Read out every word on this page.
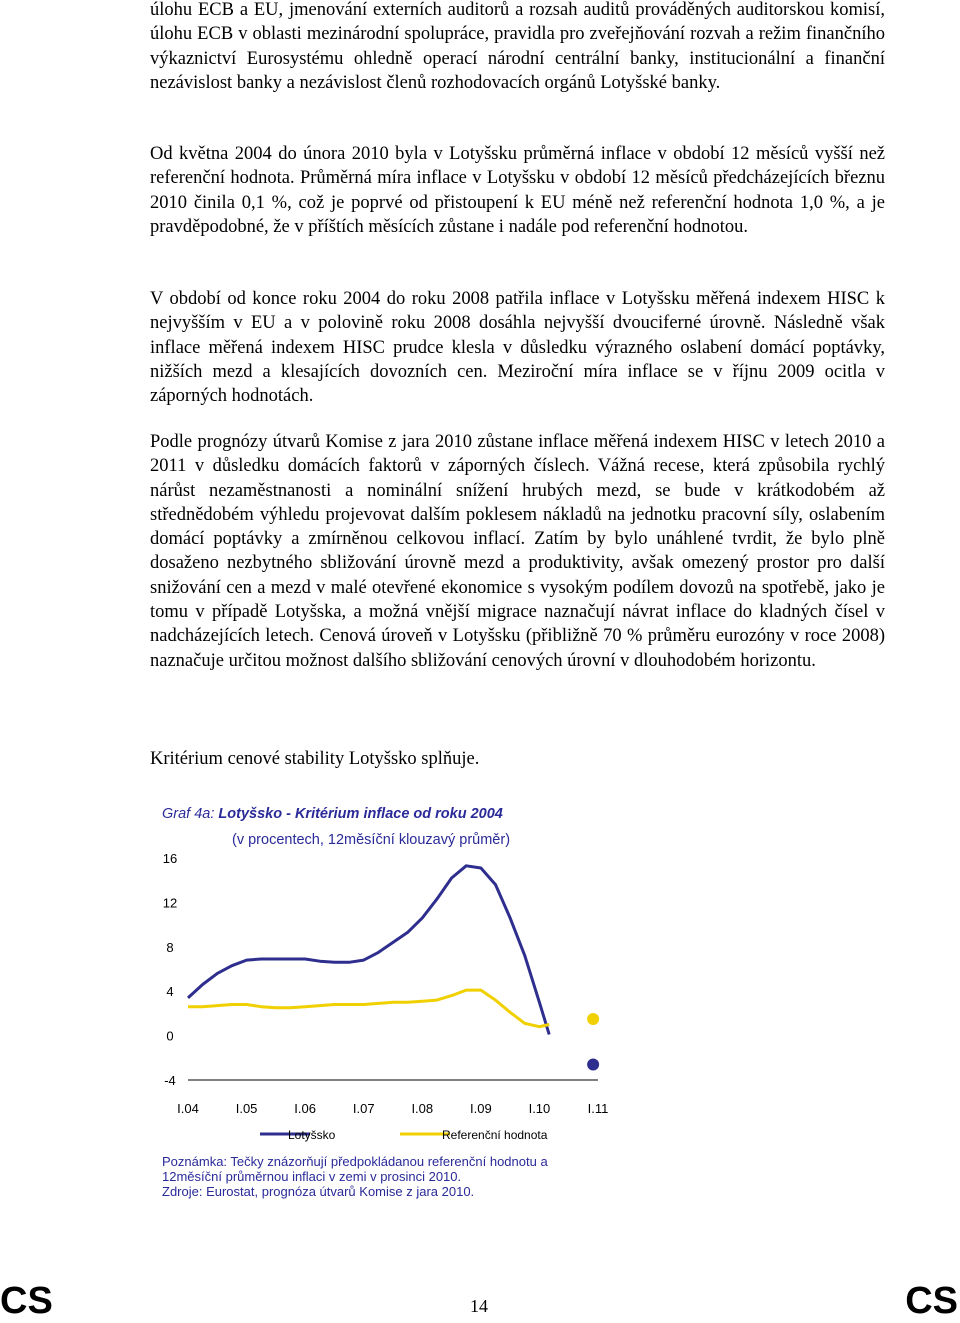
úlohu ECB a EU, jmenování externích auditorů a rozsah auditů prováděných auditorskou komisí, úlohu ECB v oblasti mezinárodní spolupráce, pravidla pro zveřejňování rozvah a režim finančního výkaznictví Eurosystému ohledně operací národní centrální banky, institucionální a finanční nezávislost banky a nezávislost členů rozhodovacích orgánů Lotyšské banky.

Od května 2004 do února 2010 byla v Lotyšsku průměrná inflace v období 12 měsíců vyšší než referenční hodnota. Průměrná míra inflace v Lotyšsku v období 12 měsíců předcházejících březnu 2010 činila 0,1 %, což je poprvé od přistoupení k EU méně než referenční hodnota 1,0 %, a je pravděpodobné, že v příštích měsících zůstane i nadále pod referenční hodnotou.

V období od konce roku 2004 do roku 2008 patřila inflace v Lotyšsku měřená indexem HISC k nejvyšším v EU a v polovině roku 2008 dosáhla nejvyšší dvouciferné úrovně. Následně však inflace měřená indexem HISC prudce klesla v důsledku výrazného oslabení domácí poptávky, nižších mezd a klesajících dovozních cen. Meziroční míra inflace se v říjnu 2009 ocitla v záporných hodnotách.

Podle prognózy útvarů Komise z jara 2010 zůstane inflace měřená indexem HISC v letech 2010 a 2011 v důsledku domácích faktorů v záporných číslech. Vážná recese, která způsobila rychlý nárůst nezaměstnanosti a nominální snížení hrubých mezd, se bude v krátkodobém až střednědobém výhledu projevovat dalším poklesem nákladů na jednotku pracovní síly, oslabením domácí poptávky a zmírněnou celkovou inflací. Zatím by bylo unáhlené tvrdit, že bylo plně dosaženo nezbytného sbližování úrovně mezd a produktivity, avšak omezený prostor pro další snižování cen a mezd v malé otevřené ekonomice s vysokým podílem dovozů na spotřebě, jako je tomu v případě Lotyšska, a možná vnější migrace naznačují návrat inflace do kladných čísel v nadcházejících letech. Cenová úroveň v Lotyšsku (přibližně 70 % průměru eurozóny v roce 2008) naznačuje určitou možnost dalšího sbližování cenových úrovní v dlouhodobém horizontu.

Kritérium cenové stability Lotyšsko splňuje.

Graf 4a: Lotyšsko - Kritérium inflace od roku 2004
(v procentech, 12měsíční klouzavý průměr)
16
12
8
4
0
-4
I.04	I.05	I.06	I.07	I.08	I.09	I.10	I.11
Lotyšsko	Referenční hodnota
Poznámka: Tečky znázorňují předpokládanou referenční hodnotu a
12měsíční průměrnou inflaci v zemi v prosinci 2010.
Zdroje: Eurostat, prognóza útvarů Komise z jara 2010.
CS	CS
14
